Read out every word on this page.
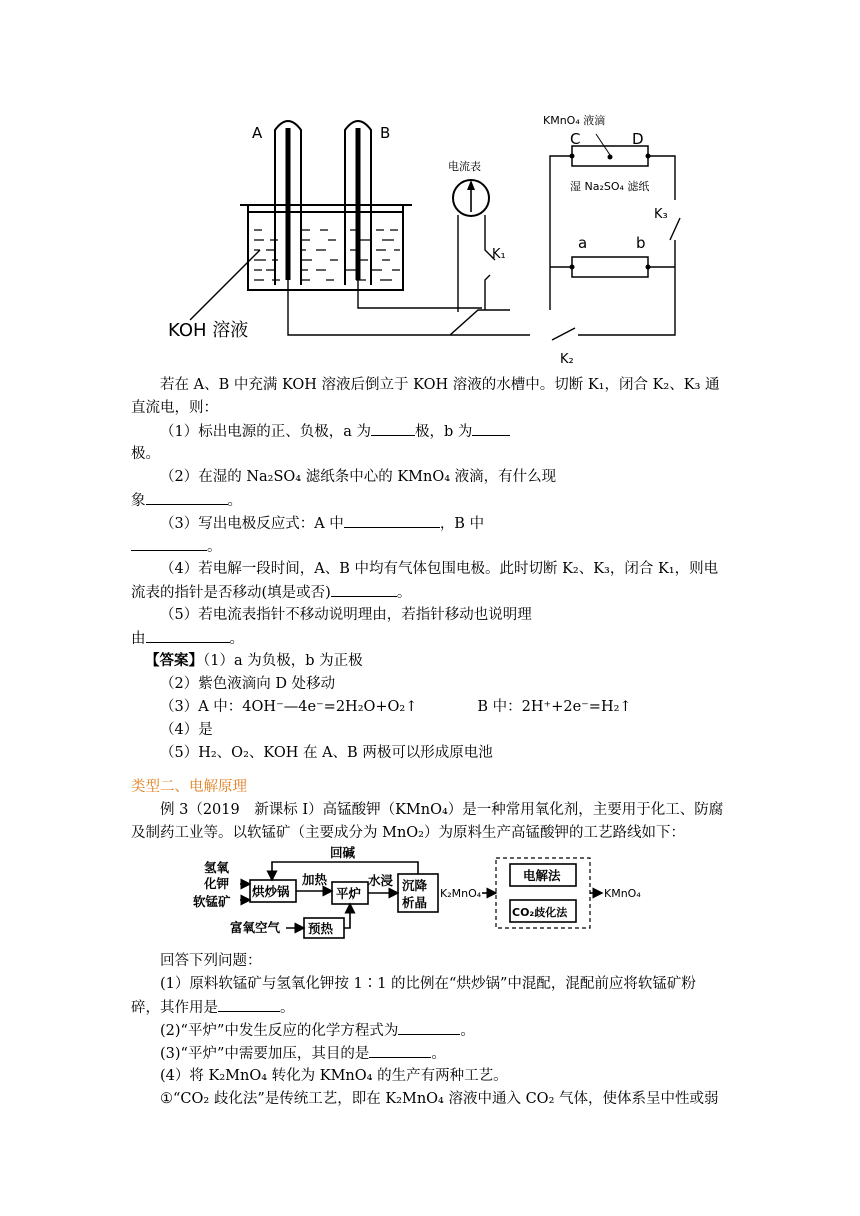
A	B
电流表
KMnO₄ 液滴
C	D
湿 Na₂SO₄ 滤纸
K₃
a	b
K₁
K₂
KOH 溶液
若在 A、B 中充满 KOH 溶液后倒立于 KOH 溶液的水槽中。切断 K₁，闭合 K₂、K₃ 通
直流电，则：
（1）标出电源的正、负极，a 为	极，b 为
极。
（2）在湿的 Na₂SO₄ 滤纸条中心的 KMnO₄ 液滴，有什么现
象	。
（3）写出电极反应式：A 中	，B 中
。
（4）若电解一段时间，A、B 中均有气体包围电极。此时切断 K₂、K₃，闭合 K₁，则电
流表的指针是否移动(填是或否)	。
（5）若电流表指针不移动说明理由，若指针移动也说明理
由	。
【答案】（1）a 为负极，b 为正极
（2）紫色液滴向 D 处移动
（3）A 中：4OH⁻—4e⁻=2H₂O+O₂↑	B 中：2H⁺+2e⁻=H₂↑
（4）是
（5）H₂、O₂、KOH 在 A、B 两极可以形成原电池
类型二、电解原理
例 3（2019　新课标 I）高锰酸钾（KMnO₄）是一种常用氧化剂，主要用于化工、防腐
及制药工业等。以软锰矿（主要成分为 MnO₂）为原料生产高锰酸钾的工艺路线如下：
氢氧
化钾
软锰矿
烘炒锅
加热
平炉
水浸 沉降
析晶
K₂MnO₄
电解法
CO₂歧化法
KMnO₄
富氧空气 预热
回碱
回答下列问题：
(1）原料软锰矿与氢氧化钾按 1∶1 的比例在“烘炒锅”中混配，混配前应将软锰矿粉
碎，其作用是	。
(2)“平炉”中发生反应的化学方程式为	。
(3)“平炉”中需要加压，其目的是	。
(4）将 K₂MnO₄ 转化为 KMnO₄ 的生产有两种工艺。
①“CO₂ 歧化法”是传统工艺，即在 K₂MnO₄ 溶液中通入 CO₂ 气体，使体系呈中性或弱
